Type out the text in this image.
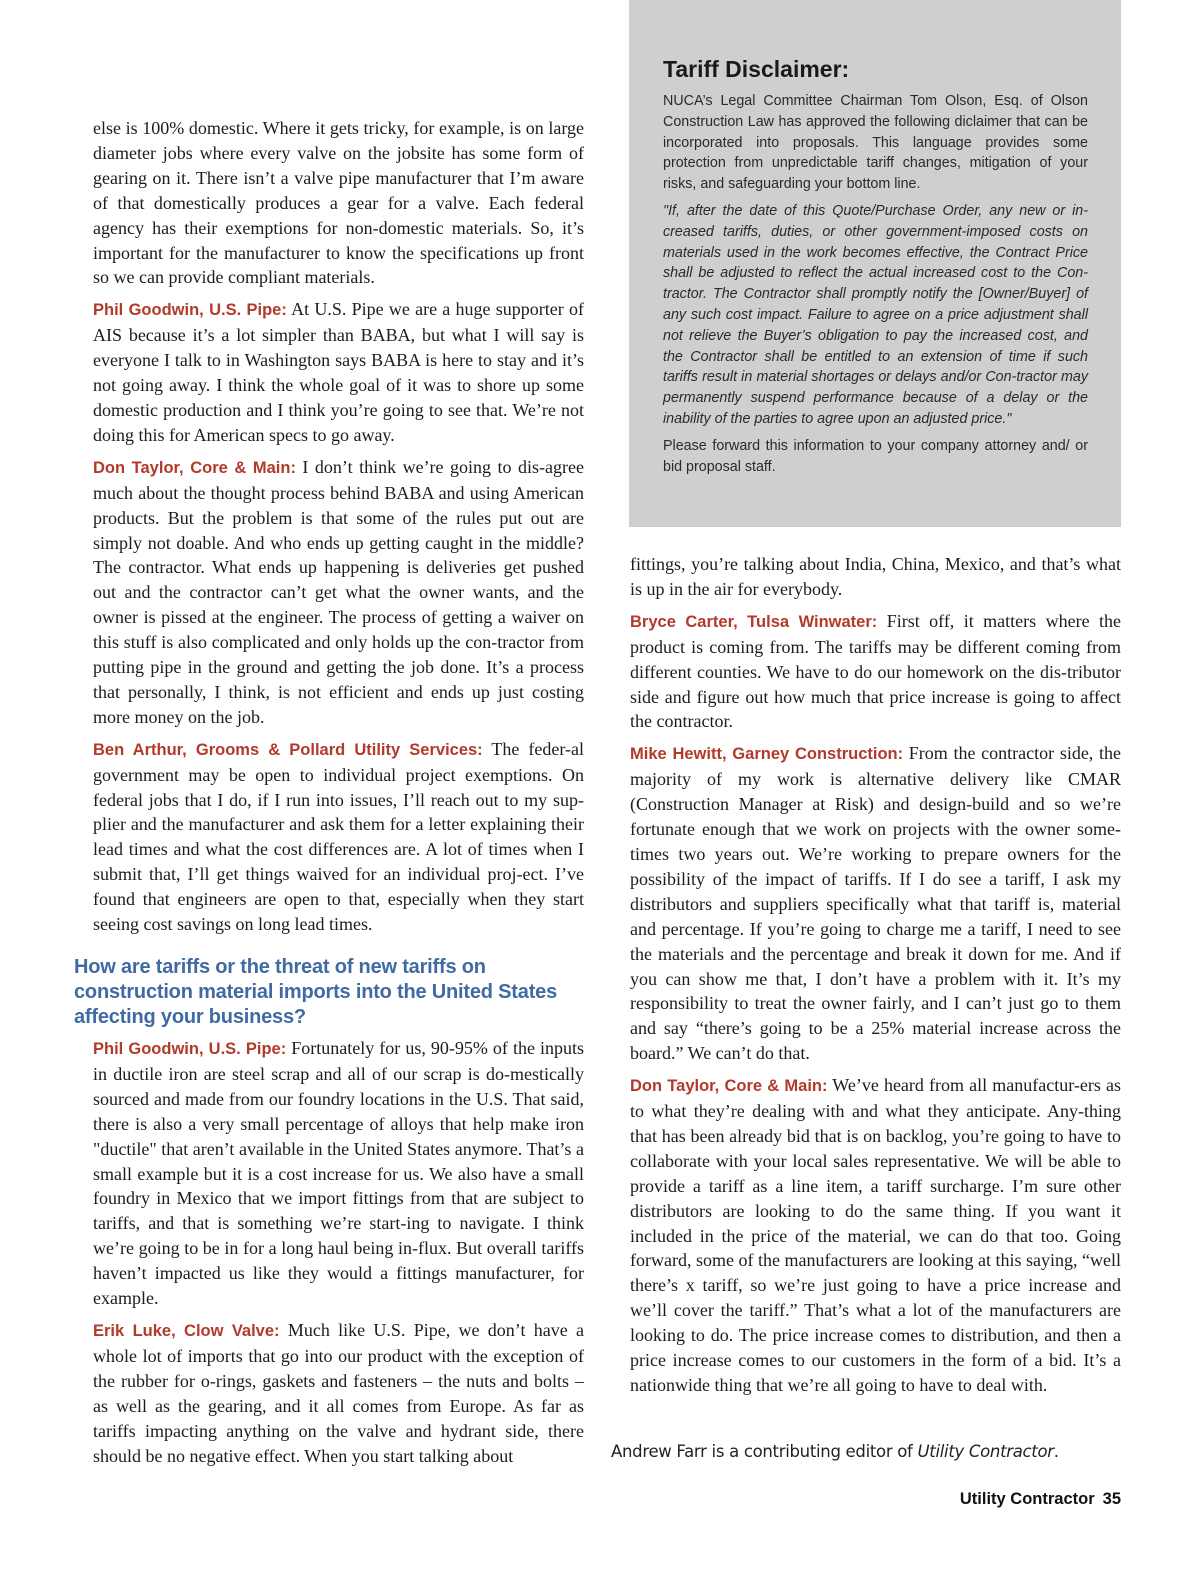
Tariff Disclaimer:

NUCA’s Legal Committee Chairman Tom Olson, Esq. of Olson Construction Law has approved the following diclaimer that can be incorporated into proposals. This language provides some protection from unpredictable tariff changes, mitigation of your risks, and safeguarding your bottom line.

"If, after the date of this Quote/Purchase Order, any new or in-creased tariffs, duties, or other government-imposed costs on materials used in the work becomes effective, the Contract Price shall be adjusted to reflect the actual increased cost to the Con-tractor. The Contractor shall promptly notify the [Owner/Buyer] of any such cost impact. Failure to agree on a price adjustment shall not relieve the Buyer’s obligation to pay the increased cost, and the Contractor shall be entitled to an extension of time if such tariffs result in material shortages or delays and/or Con-tractor may permanently suspend performance because of a delay or the inability of the parties to agree upon an adjusted price."

Please forward this information to your company attorney and/ or bid proposal staff.

else is 100% domestic. Where it gets tricky, for example, is on large diameter jobs where every valve on the jobsite has some form of gearing on it. There isn’t a valve pipe manufacturer that I’m aware of that domestically produces a gear for a valve. Each federal agency has their exemptions for non-domestic materials. So, it’s important for the manufacturer to know the specifications up front so we can provide compliant materials.

Phil Goodwin, U.S. Pipe: At U.S. Pipe we are a huge supporter of AIS because it’s a lot simpler than BABA, but what I will say is everyone I talk to in Washington says BABA is here to stay and it’s not going away. I think the whole goal of it was to shore up some domestic production and I think you’re going to see that. We’re not doing this for American specs to go away.

Don Taylor, Core & Main: I don’t think we’re going to dis-agree much about the thought process behind BABA and using American products. But the problem is that some of the rules put out are simply not doable. And who ends up getting caught in the middle? The contractor. What ends up happening is deliveries get pushed out and the contractor can’t get what the owner wants, and the owner is pissed at the engineer. The process of getting a waiver on this stuff is also complicated and only holds up the con-tractor from putting pipe in the ground and getting the job done. It’s a process that personally, I think, is not efficient and ends up just costing more money on the job.

Ben Arthur, Grooms & Pollard Utility Services: The feder-al government may be open to individual project exemptions. On federal jobs that I do, if I run into issues, I’ll reach out to my sup-plier and the manufacturer and ask them for a letter explaining their lead times and what the cost differences are. A lot of times when I submit that, I’ll get things waived for an individual proj-ect. I’ve found that engineers are open to that, especially when they start seeing cost savings on long lead times.

How are tariffs or the threat of new tariffs on construction material imports into the United States affecting your business?

Phil Goodwin, U.S. Pipe: Fortunately for us, 90-95% of the inputs in ductile iron are steel scrap and all of our scrap is do-mestically sourced and made from our foundry locations in the U.S. That said, there is also a very small percentage of alloys that help make iron "ductile" that aren’t available in the United States anymore. That’s a small example but it is a cost increase for us. We also have a small foundry in Mexico that we import fittings from that are subject to tariffs, and that is something we’re start-ing to navigate. I think we’re going to be in for a long haul being in-flux. But overall tariffs haven’t impacted us like they would a fittings manufacturer, for example.

Erik Luke, Clow Valve: Much like U.S. Pipe, we don’t have a whole lot of imports that go into our product with the exception of the rubber for o-rings, gaskets and fasteners – the nuts and bolts – as well as the gearing, and it all comes from Europe. As far as tariffs impacting anything on the valve and hydrant side, there should be no negative effect. When you start talking about

fittings, you’re talking about India, China, Mexico, and that’s what is up in the air for everybody.

Bryce Carter, Tulsa Winwater: First off, it matters where the product is coming from. The tariffs may be different coming from different counties. We have to do our homework on the dis-tributor side and figure out how much that price increase is going to affect the contractor.

Mike Hewitt, Garney Construction: From the contractor side, the majority of my work is alternative delivery like CMAR (Construction Manager at Risk) and design-build and so we’re fortunate enough that we work on projects with the owner some-times two years out. We’re working to prepare owners for the possibility of the impact of tariffs. If I do see a tariff, I ask my distributors and suppliers specifically what that tariff is, material and percentage. If you’re going to charge me a tariff, I need to see the materials and the percentage and break it down for me. And if you can show me that, I don’t have a problem with it. It’s my responsibility to treat the owner fairly, and I can’t just go to them and say “there’s going to be a 25% material increase across the board.” We can’t do that.

Don Taylor, Core & Main: We’ve heard from all manufactur-ers as to what they’re dealing with and what they anticipate. Any-thing that has been already bid that is on backlog, you’re going to have to collaborate with your local sales representative. We will be able to provide a tariff as a line item, a tariff surcharge. I’m sure other distributors are looking to do the same thing. If you want it included in the price of the material, we can do that too. Going forward, some of the manufacturers are looking at this saying, “well there’s x tariff, so we’re just going to have a price increase and we’ll cover the tariff.” That’s what a lot of the manufacturers are looking to do. The price increase comes to distribution, and then a price increase comes to our customers in the form of a bid. It’s a nationwide thing that we’re all going to have to deal with.

Andrew Farr is a contributing editor of Utility Contractor.
Utility Contractor 35
